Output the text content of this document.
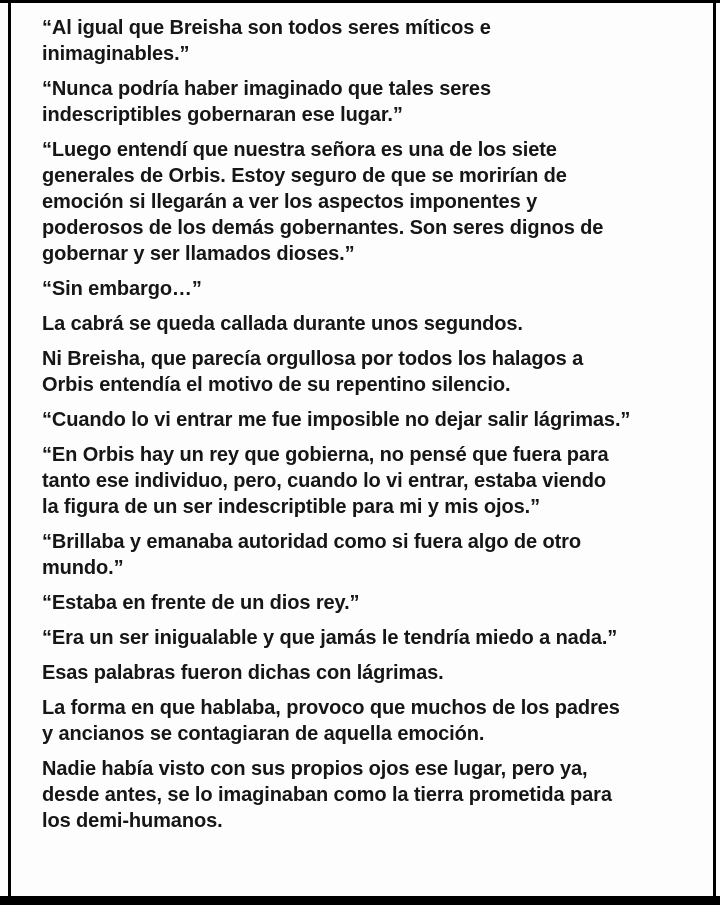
“Al igual que Breisha son todos seres míticos e
inimaginables.”

“Nunca podría haber imaginado que tales seres
indescriptibles gobernaran ese lugar.”

“Luego entendí que nuestra señora es una de los siete
generales de Orbis. Estoy seguro de que se morirían de
emoción si llegarán a ver los aspectos imponentes y
poderosos de los demás gobernantes. Son seres dignos de
gobernar y ser llamados dioses.”

“Sin embargo…”

La cabrá se queda callada durante unos segundos.

Ni Breisha, que parecía orgullosa por todos los halagos a
Orbis entendía el motivo de su repentino silencio.

“Cuando lo vi entrar me fue imposible no dejar salir lágrimas.”

“En Orbis hay un rey que gobierna, no pensé que fuera para
tanto ese individuo, pero, cuando lo vi entrar, estaba viendo
la figura de un ser indescriptible para mi y mis ojos.”

“Brillaba y emanaba autoridad como si fuera algo de otro
mundo.”

“Estaba en frente de un dios rey.”

“Era un ser inigualable y que jamás le tendría miedo a nada.”

Esas palabras fueron dichas con lágrimas.

La forma en que hablaba, provoco que muchos de los padres
y ancianos se contagiaran de aquella emoción.

Nadie había visto con sus propios ojos ese lugar, pero ya,
desde antes, se lo imaginaban como la tierra prometida para
los demi-humanos.
